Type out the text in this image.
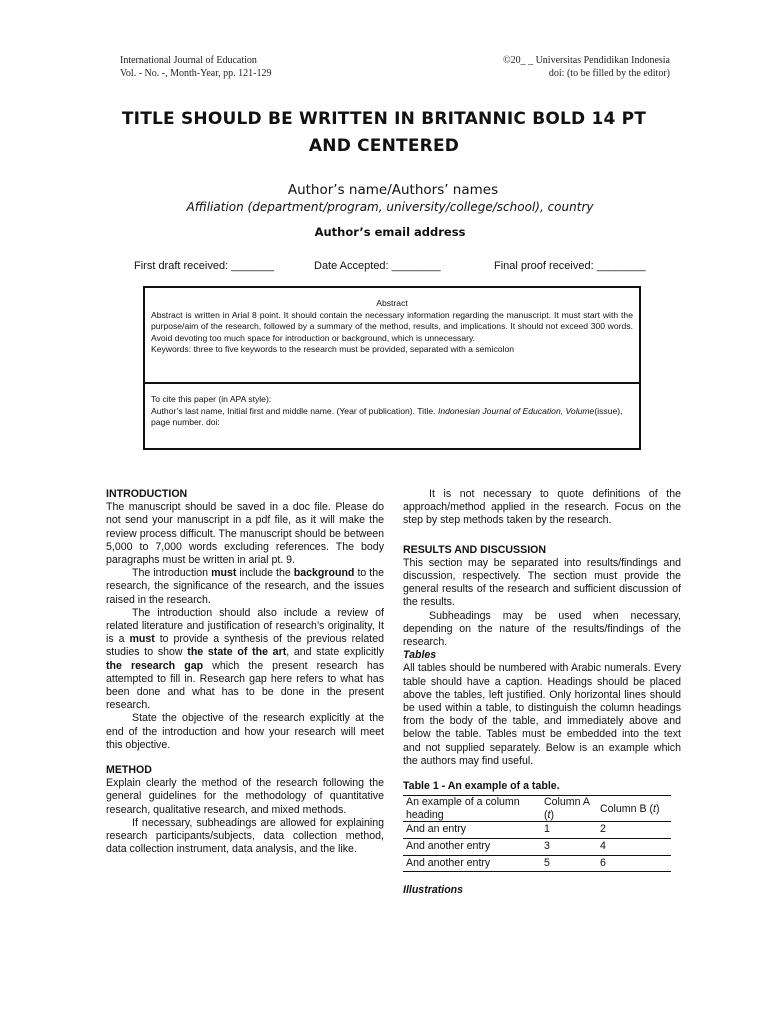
International Journal of Education
Vol. - No. -, Month-Year, pp. 121-129
©20_ _ Universitas Pendidikan Indonesia
doi: (to be filled by the editor)
TITLE SHOULD BE WRITTEN IN BRITANNIC BOLD 14 PT
AND CENTERED
Author’s name/Authors’ names
Affiliation (department/program, university/college/school), country
Author’s email address
First draft received: _______	Date Accepted: ________	Final proof received: ________
Abstract
Abstract is written in Arial 8 point. It should contain the necessary information regarding the manuscript. It must start with the purpose/aim of the research, followed by a summary of the method, results, and implications. It should not exceed 300 words. Avoid devoting too much space for introduction or background, which is unnecessary.
Keywords: three to five keywords to the research must be provided, separated with a semicolon
To cite this paper (in APA style):
Author’s last name, Initial first and middle name. (Year of publication). Title. Indonesian Journal of Education, Volume(issue), page number. doi:
INTRODUCTION

The manuscript should be saved in a doc file. Please do not send your manuscript in a pdf file, as it will make the review process difficult. The manuscript should be between 5,000 to 7,000 words excluding references. The body paragraphs must be written in arial pt. 9.

The introduction must include the background to the research, the significance of the research, and the issues raised in the research.

The introduction should also include a review of related literature and justification of research’s originality, It is a must to provide a synthesis of the previous related studies to show the state of the art, and state explicitly the research gap which the present research has attempted to fill in. Research gap here refers to what has been done and what has to be done in the present research.

State the objective of the research explicitly at the end of the introduction and how your research will meet this objective.

METHOD

Explain clearly the method of the research following the general guidelines for the methodology of quantitative research, qualitative research, and mixed methods.

If necessary, subheadings are allowed for explaining research participants/subjects, data collection method, data collection instrument, data analysis, and the like.

It is not necessary to quote definitions of the approach/method applied in the research. Focus on the step by step methods taken by the research.

RESULTS AND DISCUSSION

This section may be separated into results/findings and discussion, respectively. The section must provide the general results of the research and sufficient discussion of the results.

Subheadings may be used when necessary, depending on the nature of the results/findings of the research.

Tables

All tables should be numbered with Arabic numerals. Every table should have a caption. Headings should be placed above the tables, left justified. Only horizontal lines should be used within a table, to distinguish the column headings from the body of the table, and immediately above and below the table. Tables must be embedded into the text and not supplied separately. Below is an example which the authors may find useful.

Table 1 - An example of a table.
An example of a column heading	Column A (t)	Column B (t)
And an entry	1	2
And another entry	3	4
And another entry	5	6
Illustrations
